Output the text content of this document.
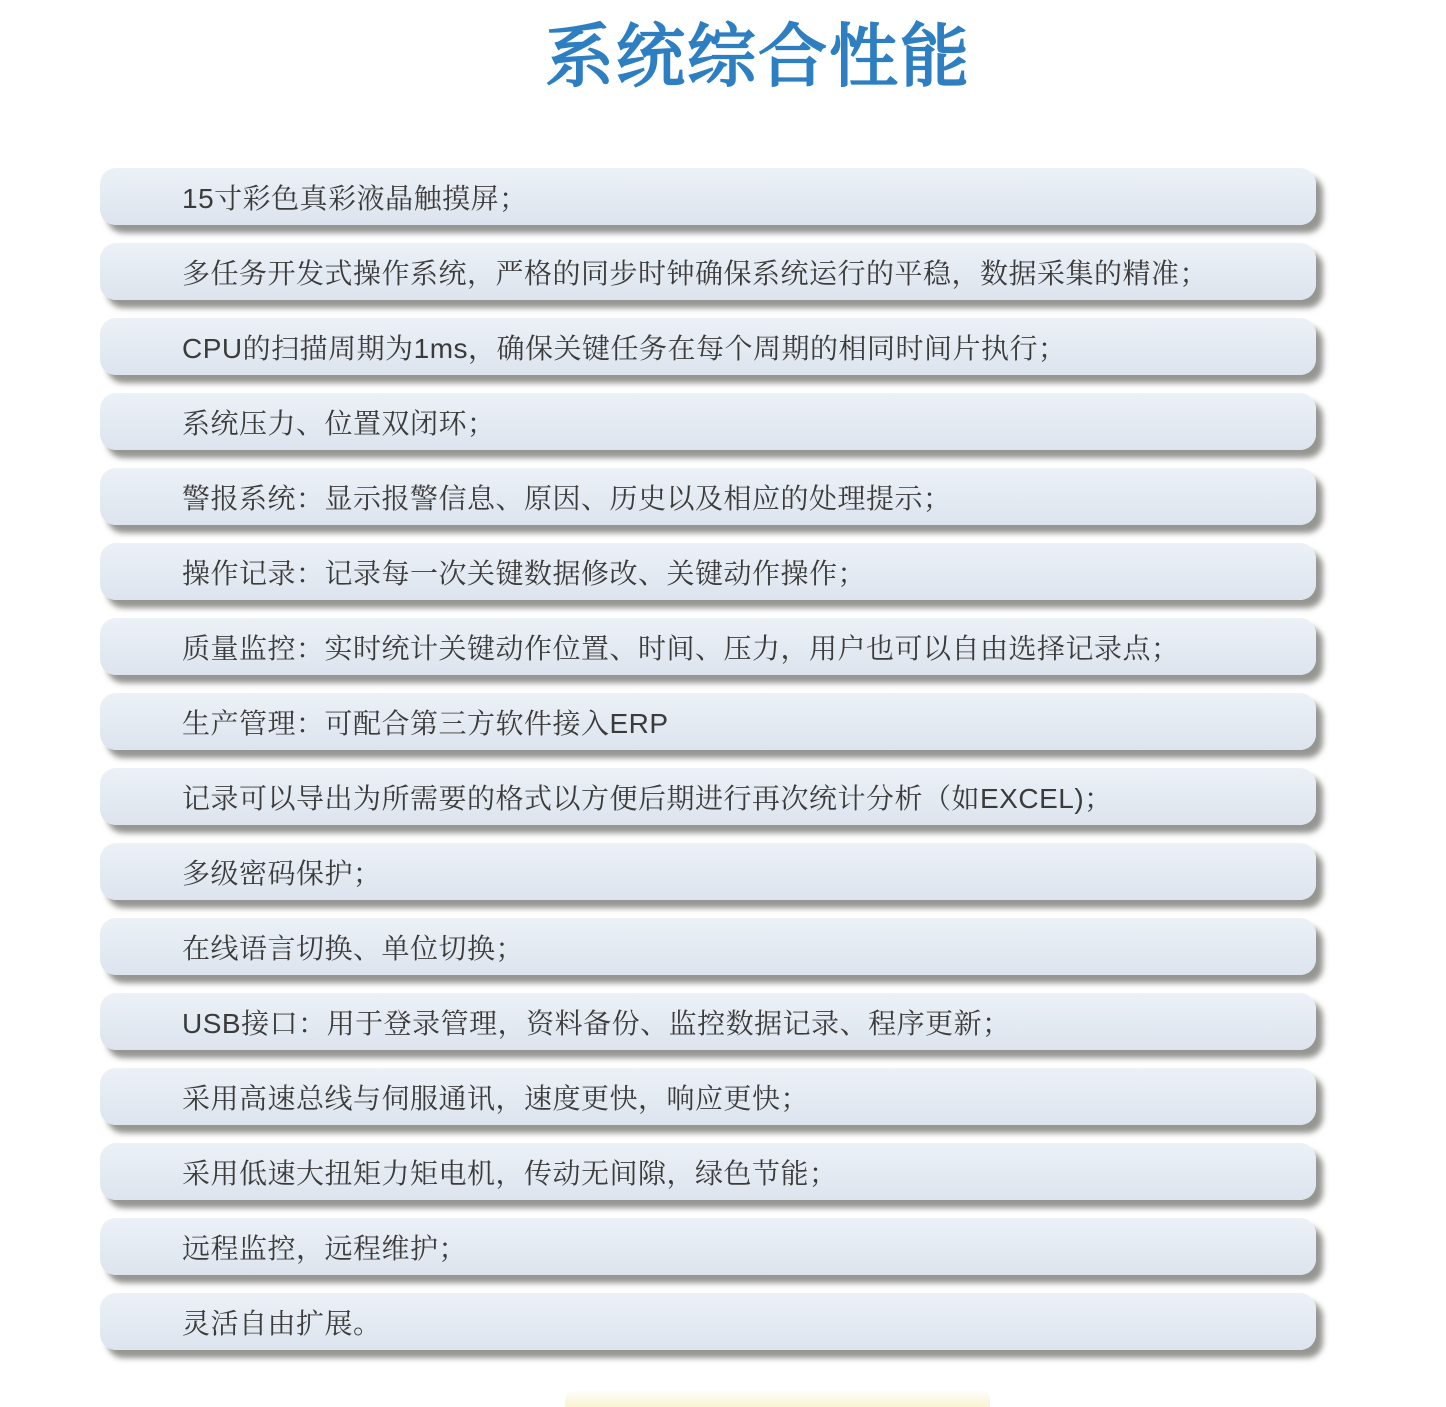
系统综合性能
15寸彩色真彩液晶触摸屏；
多任务开发式操作系统，严格的同步时钟确保系统运行的平稳，数据采集的精准；
CPU的扫描周期为1ms，确保关键任务在每个周期的相同时间片执行；
系统压力、位置双闭环；
警报系统：显示报警信息、原因、历史以及相应的处理提示；
操作记录：记录每一次关键数据修改、关键动作操作；
质量监控：实时统计关键动作位置、时间、压力，用户也可以自由选择记录点；
生产管理：可配合第三方软件接入ERP
记录可以导出为所需要的格式以方便后期进行再次统计分析（如EXCEL)；
多级密码保护；
在线语言切换、单位切换；
USB接口：用于登录管理，资料备份、监控数据记录、程序更新；
采用高速总线与伺服通讯，速度更快，响应更快；
采用低速大扭矩力矩电机，传动无间隙，绿色节能；
远程监控，远程维护；
灵活自由扩展。
